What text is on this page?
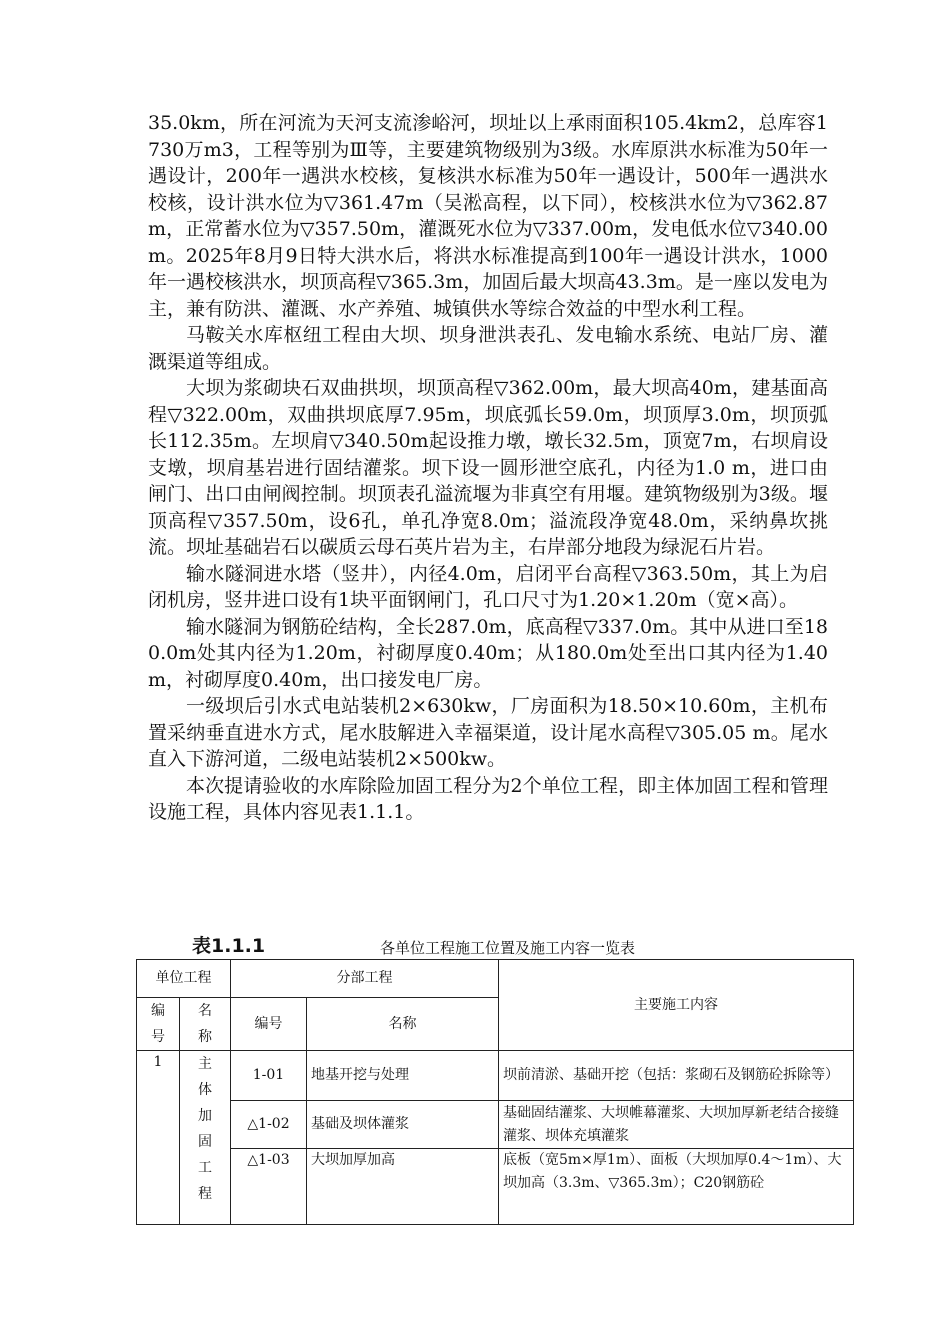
35.0km，所在河流为天河支流渗峪河，坝址以上承雨面积105.4km2，总库容1730万m3，工程等别为Ⅲ等，主要建筑物级别为3级。水库原洪水标准为50年一遇设计，200年一遇洪水校核，复核洪水标准为50年一遇设计，500年一遇洪水校核，设计洪水位为▽361.47m（吴淞高程，以下同），校核洪水位为▽362.87m，正常蓄水位为▽357.50m，灌溉死水位为▽337.00m，发电低水位▽340.00m。2025年8月9日特大洪水后，将洪水标准提高到100年一遇设计洪水，1000年一遇校核洪水，坝顶高程▽365.3m，加固后最大坝高43.3m。是一座以发电为主，兼有防洪、灌溉、水产养殖、城镇供水等综合效益的中型水利工程。

马鞍关水库枢纽工程由大坝、坝身泄洪表孔、发电输水系统、电站厂房、灌溉渠道等组成。

大坝为浆砌块石双曲拱坝，坝顶高程▽362.00m，最大坝高40m，建基面高程▽322.00m，双曲拱坝底厚7.95m，坝底弧长59.0m，坝顶厚3.0m，坝顶弧长112.35m。左坝肩▽340.50m起设推力墩，墩长32.5m，顶宽7m，右坝肩设支墩，坝肩基岩进行固结灌浆。坝下设一圆形泄空底孔，内径为1.0 m，进口由闸门、出口由闸阀控制。坝顶表孔溢流堰为非真空有用堰。建筑物级别为3级。堰顶高程▽357.50m，设6孔，单孔净宽8.0m；溢流段净宽48.0m，采纳鼻坎挑流。坝址基础岩石以碳质云母石英片岩为主，右岸部分地段为绿泥石片岩。

输水隧洞进水塔（竖井），内径4.0m，启闭平台高程▽363.50m，其上为启闭机房，竖井进口设有1块平面钢闸门，孔口尺寸为1.20×1.20m（宽×高）。

输水隧洞为钢筋砼结构，全长287.0m，底高程▽337.0m。其中从进口至180.0m处其内径为1.20m，衬砌厚度0.40m；从180.0m处至出口其内径为1.40m，衬砌厚度0.40m，出口接发电厂房。

一级坝后引水式电站装机2×630kw，厂房面积为18.50×10.60m，主机布置采纳垂直进水方式，尾水肢解进入幸福渠道，设计尾水高程▽305.05 m。尾水直入下游河道，二级电站装机2×500kw。

本次提请验收的水库除险加固工程分为2个单位工程，即主体加固工程和管理设施工程，具体内容见表1.1.1。

表1.1.1	各单位工程施工位置及施工内容一览表
单位工程		分部工程		主要施工内容

编号	名称	编号	名称	
1	主体加固工程	1-01	地基开挖与处理	坝前清淤、基础开挖（包括：浆砌石及钢筋砼拆除等）
		△1-02	基础及坝体灌浆	基础固结灌浆、大坝帷幕灌浆、大坝加厚新老结合接缝灌浆、坝体充填灌浆
		△1-03	大坝加厚加高	底板（宽5m×厚1m）、面板（大坝加厚0.4～1m）、大坝加高（3.3m、▽365.3m）；C20钢筋砼
